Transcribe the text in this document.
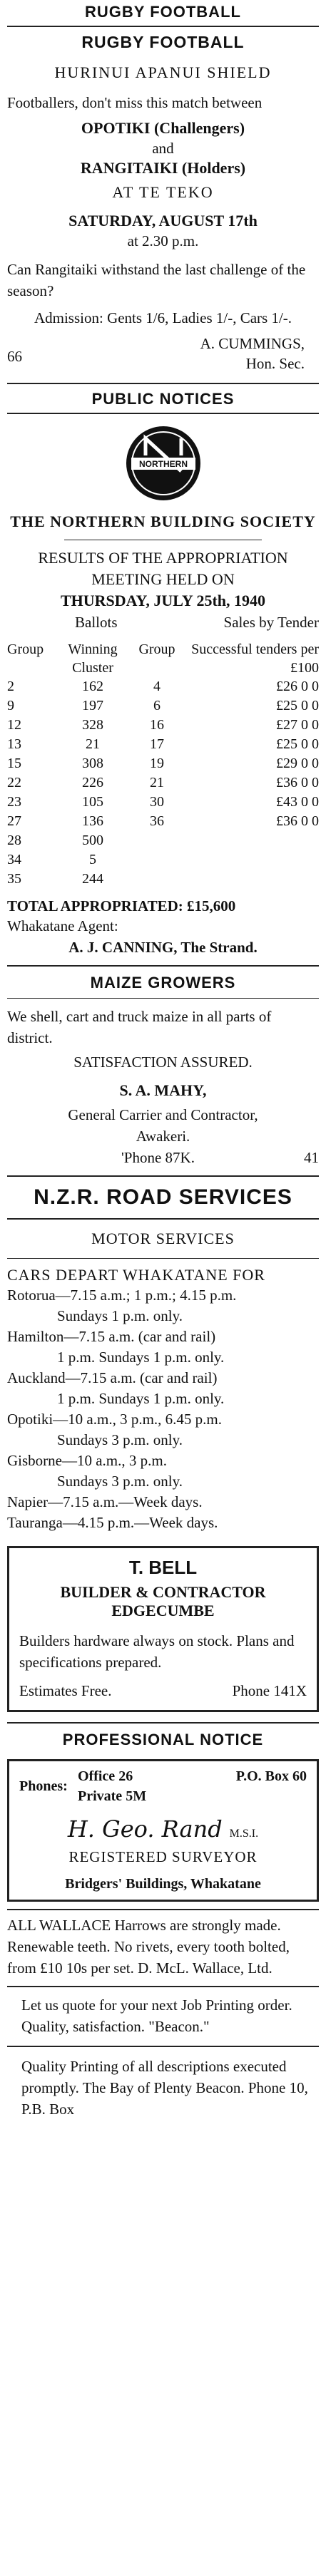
RUGBY FOOTBALL
RUGBY FOOTBALL
HURINUI APANUI SHIELD
Footballers, don't miss this match between
OPOTIKI (Challengers)
and
RANGITAIKI (Holders)
AT TE TEKO
SATURDAY, AUGUST 17th
at 2.30 p.m.
Can Rangitaiki withstand the last challenge of the season?
Admission: Gents 1/6, Ladies 1/-, Cars 1/-.
66
A. CUMMINGS,
Hon. Sec.
PUBLIC NOTICES
NORTHERN
THE NORTHERN BUILDING SOCIETY
RESULTS OF THE APPROPRIATION MEETING HELD ON
THURSDAY, JULY 25th, 1940
Ballots	Sales by Tender
Group	Winning Cluster	Group	Successful tenders per £100
2	162	4	£26 0 0
9	197	6	£25 0 0
12	328	16	£27 0 0
13	21	17	£25 0 0
15	308	19	£29 0 0
22	226	21	£36 0 0
23	105	30	£43 0 0
27	136	36	£36 0 0
28	500		
34	5		
35	244		
TOTAL APPROPRIATED: £15,600
Whakatane Agent:
A. J. CANNING, The Strand.
MAIZE GROWERS
We shell, cart and truck maize in all parts of district.
SATISFACTION ASSURED.
S. A. MAHY,
General Carrier and Contractor,
Awakeri.
'Phone 87K.	41
N.Z.R. ROAD SERVICES
MOTOR SERVICES
CARS DEPART WHAKATANE FOR
Rotorua—7.15 a.m.; 1 p.m.; 4.15 p.m.
Sundays 1 p.m. only.
Hamilton—7.15 a.m. (car and rail)
1 p.m. Sundays 1 p.m. only.
Auckland—7.15 a.m. (car and rail)
1 p.m. Sundays 1 p.m. only.
Opotiki—10 a.m., 3 p.m., 6.45 p.m.
Sundays 3 p.m. only.
Gisborne—10 a.m., 3 p.m.
Sundays 3 p.m. only.
Napier—7.15 a.m.—Week days.
Tauranga—4.15 p.m.—Week days.
T. BELL
BUILDER & CONTRACTOR
EDGECUMBE
Builders hardware always on stock. Plans and specifications prepared.
Estimates Free.	Phone 141X
PROFESSIONAL NOTICE
Phones:
Office 26
Private 5M
P.O. Box 60
H. Geo. Rand M.S.I.
REGISTERED SURVEYOR
Bridgers' Buildings, Whakatane
ALL WALLACE Harrows are strongly made. Renewable teeth. No rivets, every tooth bolted, from £10 10s per set. D. McL. Wallace, Ltd.
Let us quote for your next Job Printing order. Quality, satisfaction. "Beacon."
Quality Printing of all descriptions executed promptly. The Bay of Plenty Beacon. Phone 10, P.B. Box
